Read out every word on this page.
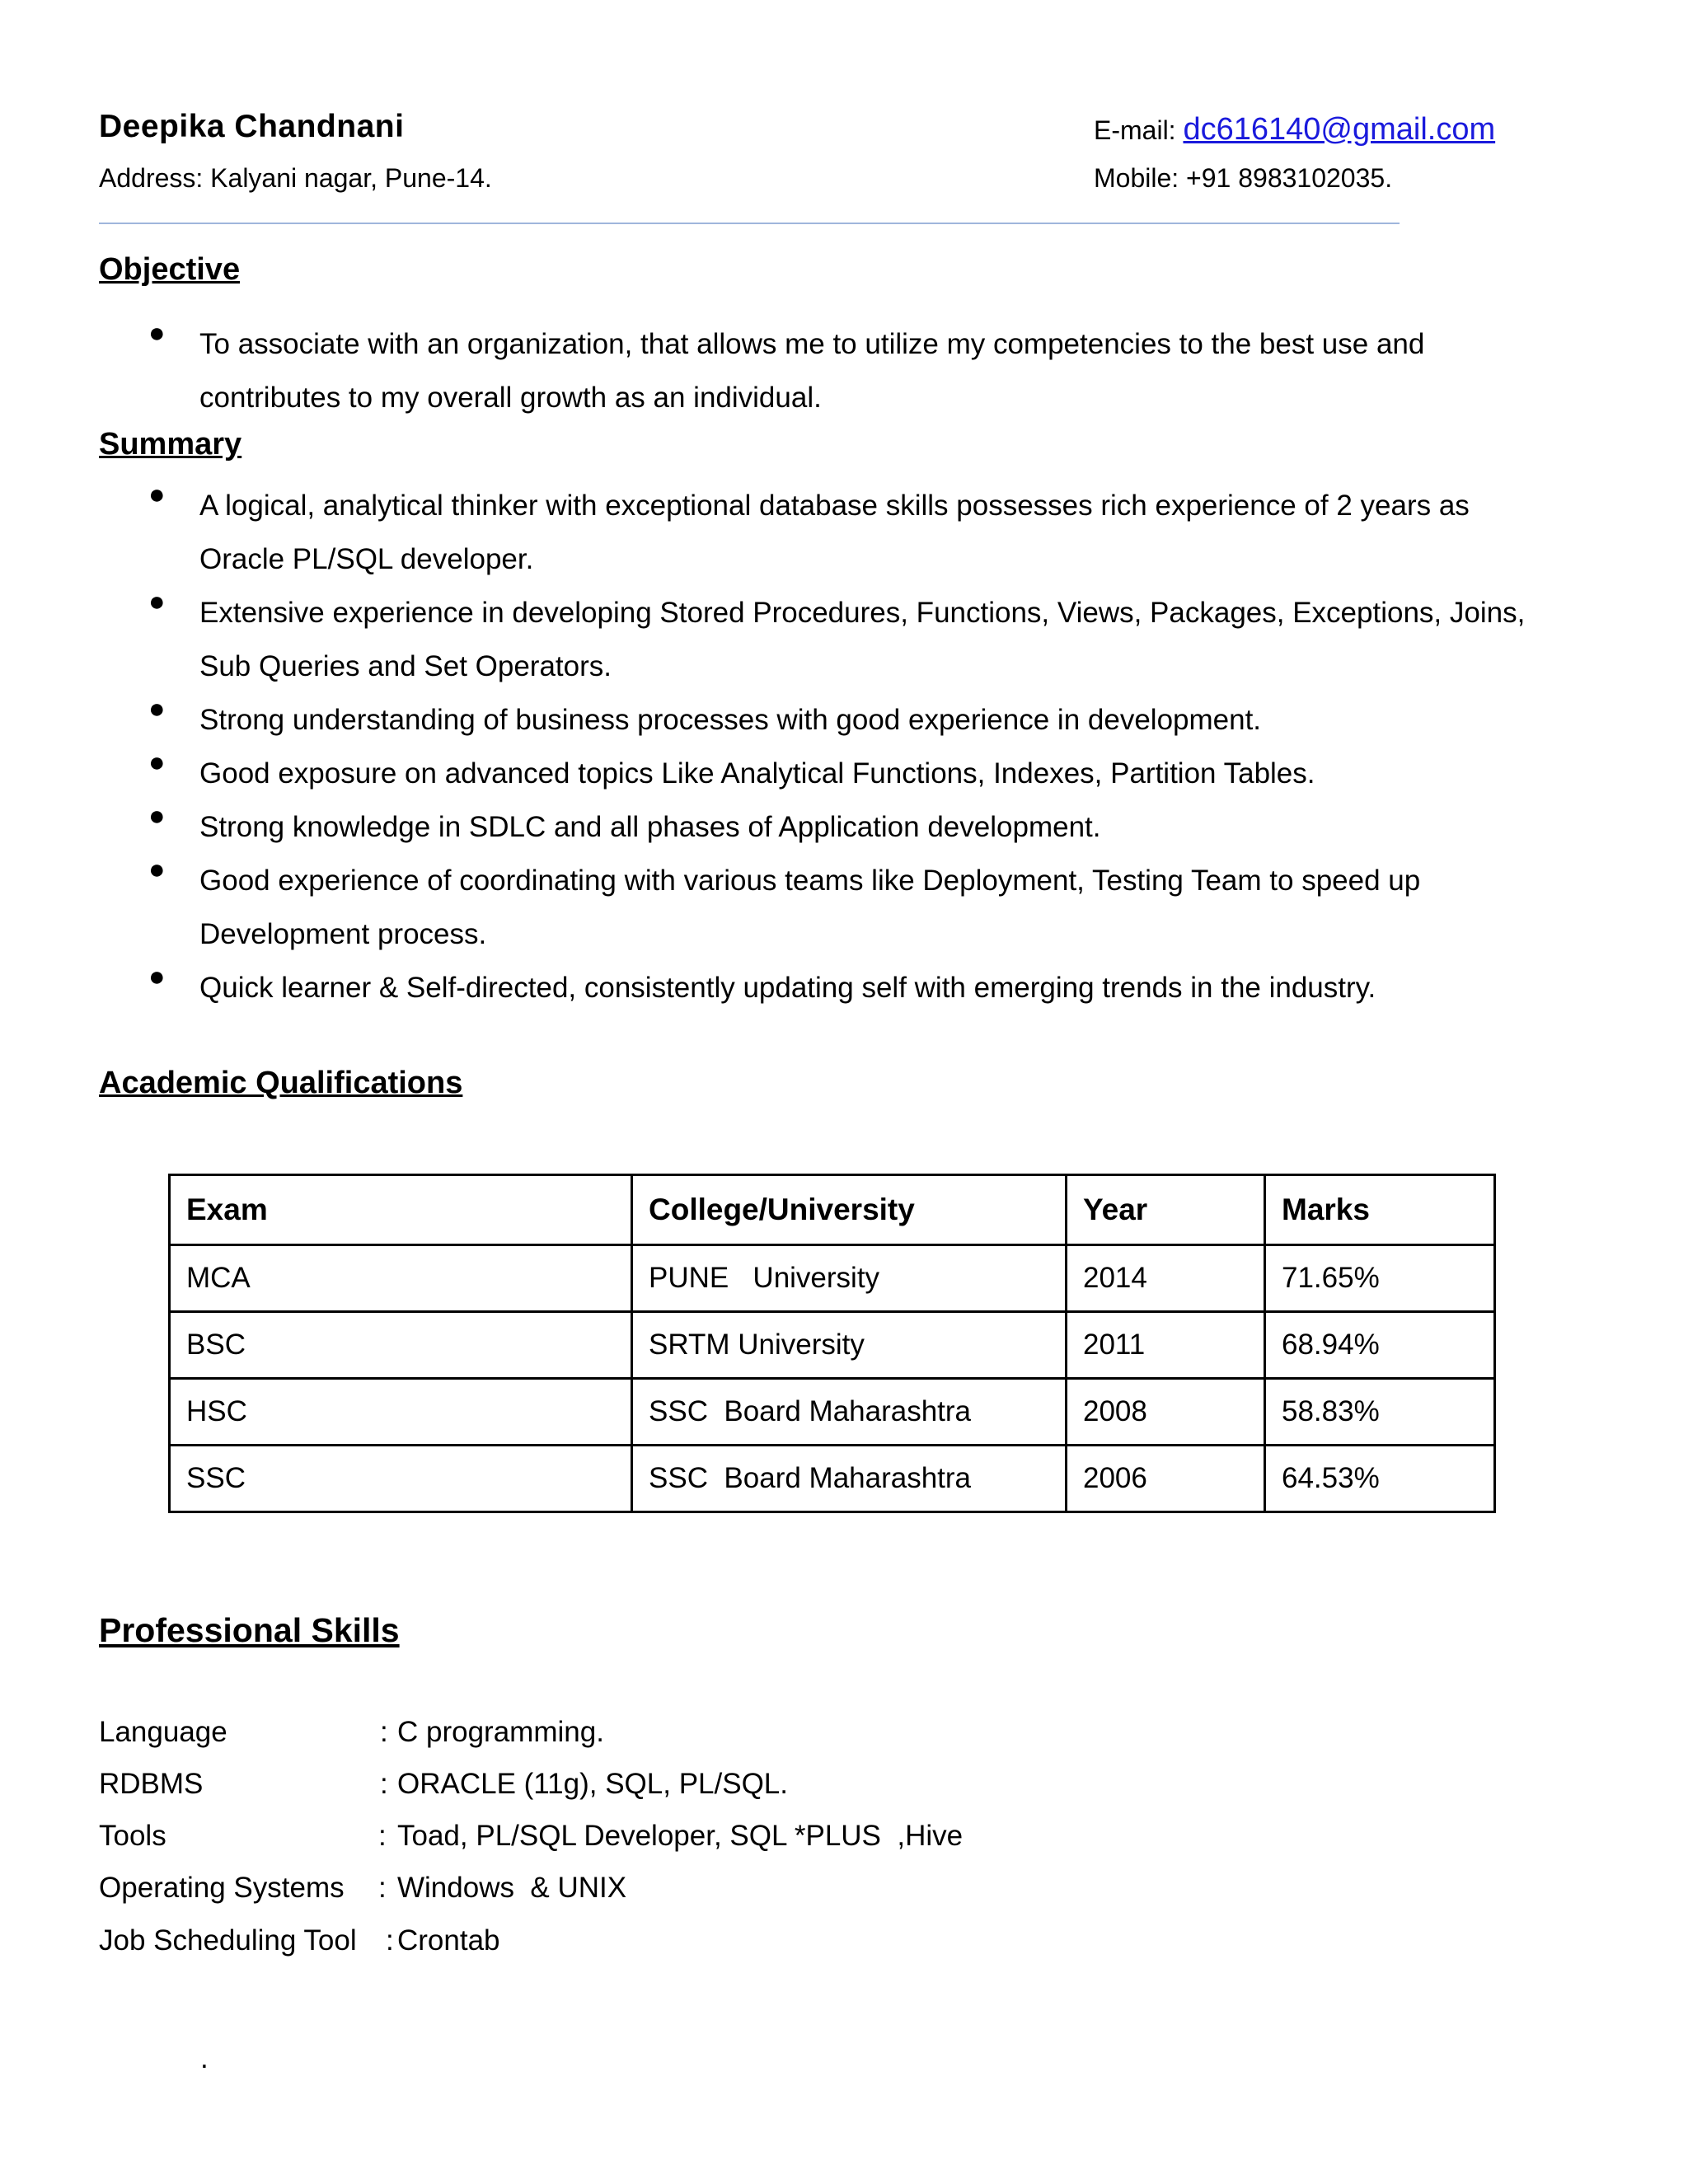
Deepika Chandnani
Address: Kalyani nagar, Pune-14.
E-mail: dc616140@gmail.com
Mobile: +91 8983102035.
Objective
● To associate with an organization, that allows me to utilize my competencies to the best use and contributes to my overall growth as an individual.
Summary
● A logical, analytical thinker with exceptional database skills possesses rich experience of 2 years as Oracle PL/SQL developer.
● Extensive experience in developing Stored Procedures, Functions, Views, Packages, Exceptions, Joins, Sub Queries and Set Operators.
● Strong understanding of business processes with good experience in development.
● Good exposure on advanced topics Like Analytical Functions, Indexes, Partition Tables.
● Strong knowledge in SDLC and all phases of Application development.
● Good experience of coordinating with various teams like Deployment, Testing Team to speed up Development process.
● Quick learner & Self-directed, consistently updating self with emerging trends in the industry.
Academic Qualifications
Exam	College/University	Year	Marks
MCA	PUNE   University	2014	71.65%
BSC	SRTM University	2011	68.94%
HSC	SSC  Board Maharashtra	2008	58.83%
SSC	SSC  Board Maharashtra	2006	64.53%
Professional Skills
Language	: C programming.
RDBMS	: ORACLE (11g), SQL, PL/SQL.
Tools	: Toad, PL/SQL Developer, SQL *PLUS  ,Hive
Operating Systems : Windows  & UNIX
Job Scheduling Tool : Crontab
.
